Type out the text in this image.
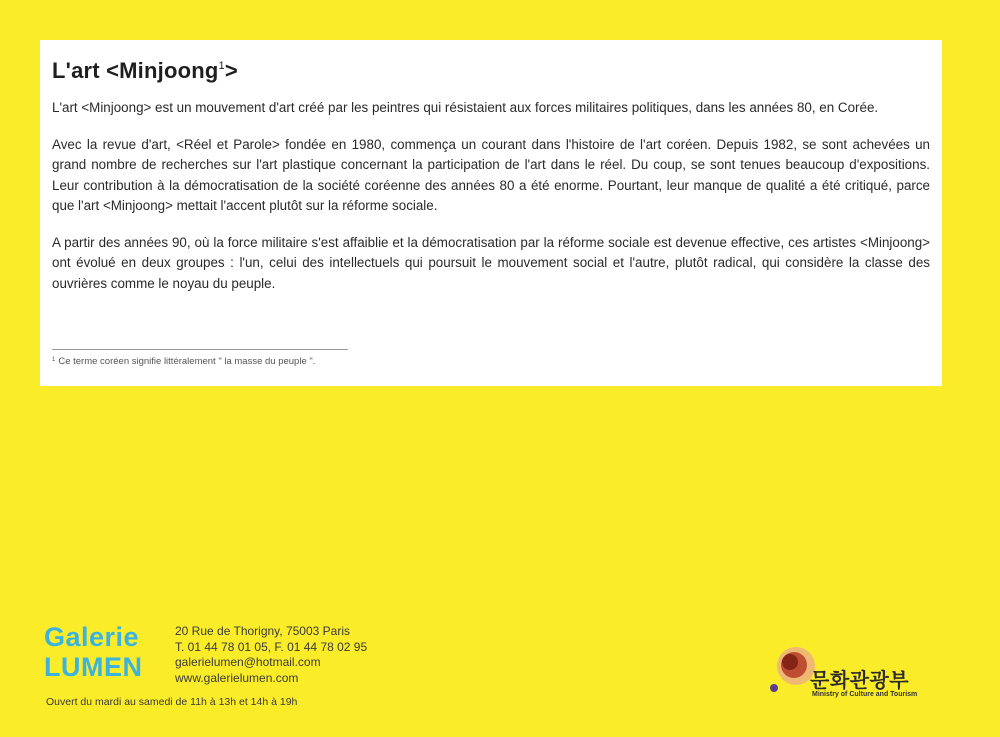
L'art <Minjoong$^1$>

L'art <Minjoong> est un mouvement d'art créé par les peintres qui résistaient aux forces militaires politiques, dans les années 80, en Corée.

Avec la revue d'art, <Réel et Parole> fondée en 1980, commença un courant dans l'histoire de l'art coréen. Depuis 1982, se sont achevées un grand nombre de recherches sur l'art plastique concernant la participation de l'art dans le réel. Du coup, se sont tenues beaucoup d'expositions. Leur contribution à la démocratisation de la société coréenne des années 80 a été enorme. Pourtant, leur manque de qualité a été critiqué, parce que l'art <Minjoong> mettait l'accent plutôt sur la réforme sociale.

A partir des années 90, où la force militaire s'est affaiblie et la démocratisation par la réforme sociale est devenue effective, ces artistes <Minjoong> ont évolué en deux groupes : l'un, celui des intellectuels qui poursuit le mouvement social et l'autre, plutôt radical, qui considère la classe des ouvrières comme le noyau du peuple.

$^1$ Ce terme coréen signifie littéralement " la masse du peuple ".
Galerie
LUMEN
20 Rue de Thorigny, 75003 Paris
T. 01 44 78 01 05, F. 01 44 78 02 95
galerielumen@hotmail.com
www.galerielumen.com
Ouvert du mardi au samedi de 11h à 13h et 14h à 19h
문화관광부
Ministry of Culture and Tourism
